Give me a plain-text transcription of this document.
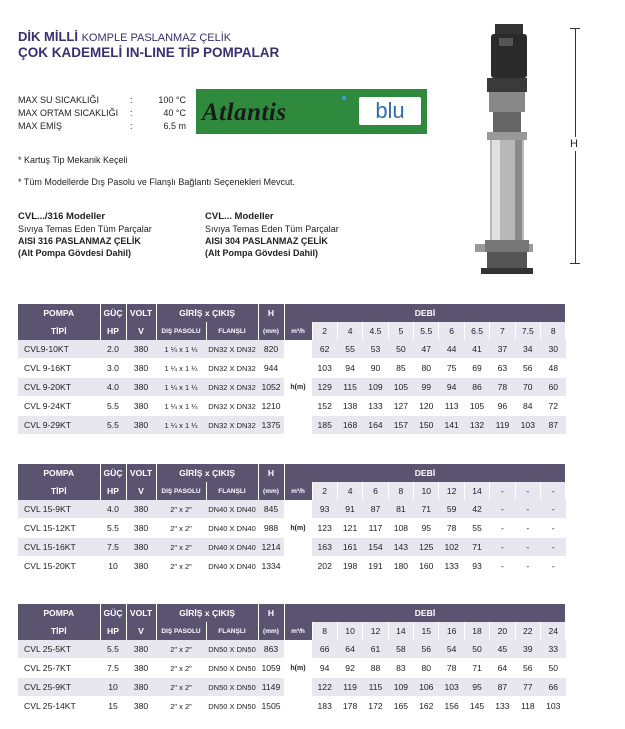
DİK MİLLİ KOMPLE PASLANMAZ ÇELİK
ÇOK KADEMELİ IN-LINE TİP POMPALAR
MAX SU SICAKLIĞI	:	100 °C
MAX ORTAM SICAKLIĞI	:	40 °C
MAX EMİŞ	:	6.5 m Atlantis
●	blu
* Kartuş Tip Mekanik Keçeli
* Tüm Modellerde Dış Pasolu ve Flanşlı Bağlantı Seçenekleri Mevcut.
CVL.../316 Modeller
Sıvıya Temas Eden Tüm Parçalar
AISI 316 PASLANMAZ ÇELİK
(Alt Pompa Gövdesi Dahil)
CVL... Modeller
Sıvıya Temas Eden Tüm Parçalar
AISI 304 PASLANMAZ ÇELİK
(Alt Pompa Gövdesi Dahil)
H
POMPA	GÜÇ	VOLT	GİRİŞ x ÇIKIŞ		H	DEBİ										
TİPİ	HP	V	DIŞ PASOLU	FLANŞLI	(mm)	m³/h	2	4	4.5	5	5.5	6	6.5	7	7.5	8
CVL9-10KT	2.0	380	1 ¼ x 1 ¼	DN32 X DN32	820		62	55	53	50	47	44	41	37	34	30
CVL 9-16KT	3.0	380	1 ¼ x 1 ¼	DN32 X DN32	944		103	94	90	85	80	75	69	63	56	48
CVL 9-20KT	4.0	380	1 ¼ x 1 ¼	DN32 X DN32	1052	h(m)	129	115	109	105	99	94	86	78	70	60
CVL 9-24KT	5.5	380	1 ¼ x 1 ¼	DN32 X DN32	1210		152	138	133	127	120	113	105	96	84	72
CVL 9-29KT	5.5	380	1 ¼ x 1 ¼	DN32 X DN32	1375		185	168	164	157	150	141	132	119	103	87
POMPA	GÜÇ	VOLT	GİRİŞ x ÇIKIŞ		H	DEBİ										
TİPİ	HP	V	DIŞ PASOLU	FLANŞLI	(mm)	m³/h	2	4	6	8	10	12	14	-	-	-
CVL 15-9KT	4.0	380	2" x 2"	DN40 X DN40	845		93	91	87	81	71	59	42	-	-	-
CVL 15-12KT	5.5	380	2" x 2"	DN40 X DN40	988	h(m)	123	121	117	108	95	78	55	-	-	-
CVL 15-16KT	7.5	380	2" x 2"	DN40 X DN40	1214		163	161	154	143	125	102	71	-	-	-
CVL 15-20KT	10	380	2" x 2"	DN40 X DN40	1334		202	198	191	180	160	133	93	-	-	-
POMPA	GÜÇ	VOLT	GİRİŞ x ÇIKIŞ		H	DEBİ										
TİPİ	HP	V	DIŞ PASOLU	FLANŞLI	(mm)	m³/h	8	10	12	14	15	16	18	20	22	24
CVL 25-5KT	5.5	380	2" x 2"	DN50 X DN50	863		66	64	61	58	56	54	50	45	39	33
CVL 25-7KT	7.5	380	2" x 2"	DN50 X DN50	1059	h(m)	94	92	88	83	80	78	71	64	56	50
CVL 25-9KT	10	380	2" x 2"	DN50 X DN50	1149		122	119	115	109	106	103	95	87	77	66
CVL 25-14KT	15	380	2" x 2"	DN50 X DN50	1505		183	178	172	165	162	156	145	133	118	103
